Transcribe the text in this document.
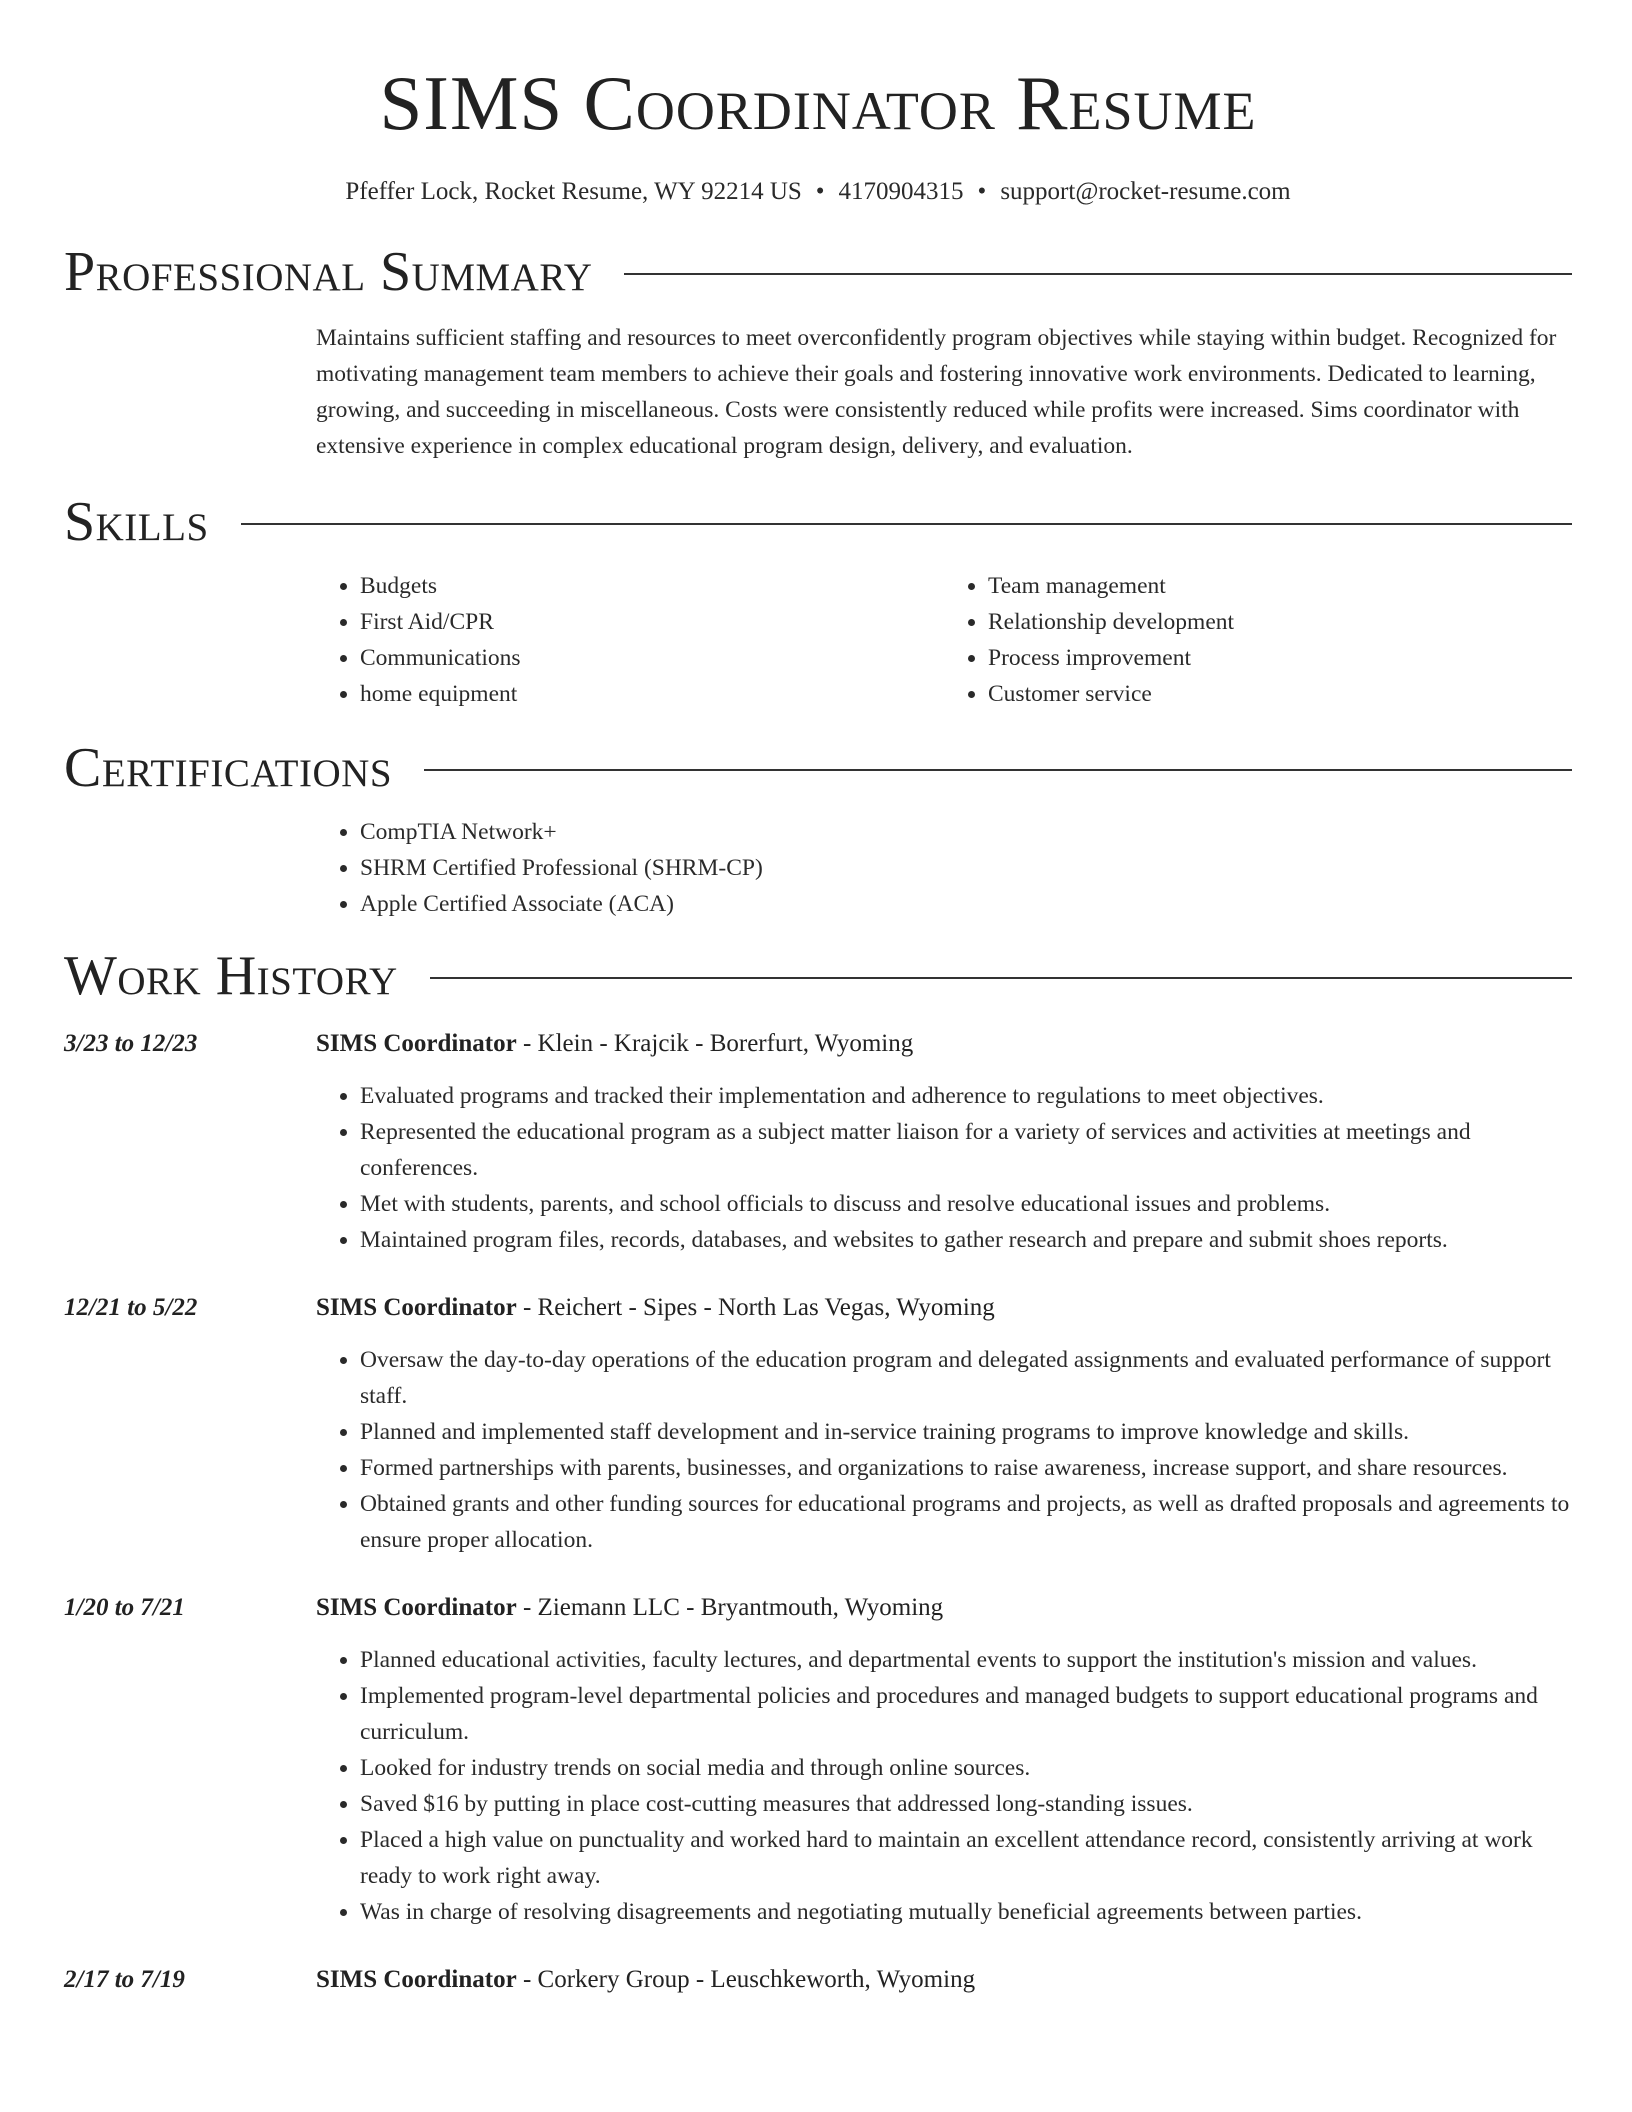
SIMS Coordinator Resume
Pfeffer Lock, Rocket Resume, WY 92214 US • 4170904315 • support@rocket-resume.com
Professional Summary

Maintains sufficient staffing and resources to meet overconfidently program objectives while staying within budget. Recognized for motivating management team members to achieve their goals and fostering innovative work environments. Dedicated to learning, growing, and succeeding in miscellaneous. Costs were consistently reduced while profits were increased. Sims coordinator with extensive experience in complex educational program design, delivery, and evaluation.

Skills
• Budgets
• First Aid/CPR
• Communications
• home equipment
• Team management
• Relationship development
• Process improvement
• Customer service
Certifications
• CompTIA Network+
• SHRM Certified Professional (SHRM-CP)
• Apple Certified Associate (ACA)
Work History
3/23 to 12/23	SIMS Coordinator - Klein - Krajcik - Borerfurt, Wyoming
• Evaluated programs and tracked their implementation and adherence to regulations to meet objectives.
• Represented the educational program as a subject matter liaison for a variety of services and activities at meetings and conferences.
• Met with students, parents, and school officials to discuss and resolve educational issues and problems.
• Maintained program files, records, databases, and websites to gather research and prepare and submit shoes reports.
12/21 to 5/22	SIMS Coordinator - Reichert - Sipes - North Las Vegas, Wyoming
• Oversaw the day-to-day operations of the education program and delegated assignments and evaluated performance of support staff.
• Planned and implemented staff development and in-service training programs to improve knowledge and skills.
• Formed partnerships with parents, businesses, and organizations to raise awareness, increase support, and share resources.
• Obtained grants and other funding sources for educational programs and projects, as well as drafted proposals and agreements to ensure proper allocation.
1/20 to 7/21	SIMS Coordinator - Ziemann LLC - Bryantmouth, Wyoming
• Planned educational activities, faculty lectures, and departmental events to support the institution's mission and values.
• Implemented program-level departmental policies and procedures and managed budgets to support educational programs and curriculum.
• Looked for industry trends on social media and through online sources.
• Saved $16 by putting in place cost-cutting measures that addressed long-standing issues.
• Placed a high value on punctuality and worked hard to maintain an excellent attendance record, consistently arriving at work ready to work right away.
• Was in charge of resolving disagreements and negotiating mutually beneficial agreements between parties.
2/17 to 7/19	SIMS Coordinator - Corkery Group - Leuschkeworth, Wyoming
